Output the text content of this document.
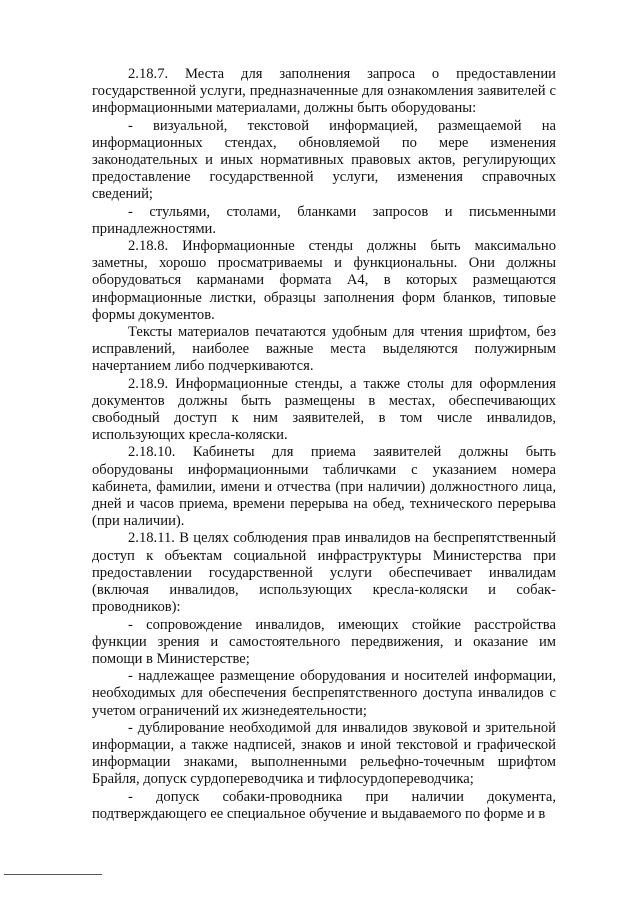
2.18.7. Места для заполнения запроса о предоставлении государственной услуги, предназначенные для ознакомления заявителей с информационными материалами, должны быть оборудованы:

- визуальной, текстовой информацией, размещаемой на информационных стендах, обновляемой по мере изменения законодательных и иных нормативных правовых актов, регулирующих предоставление государственной услуги, изменения справочных сведений;

- стульями, столами, бланками запросов и письменными принадлежностями.

2.18.8. Информационные стенды должны быть максимально заметны, хорошо просматриваемы и функциональны. Они должны оборудоваться карманами формата А4, в которых размещаются информационные листки, образцы заполнения форм бланков, типовые формы документов.

Тексты материалов печатаются удобным для чтения шрифтом, без исправлений, наиболее важные места выделяются полужирным начертанием либо подчеркиваются.

2.18.9. Информационные стенды, а также столы для оформления документов должны быть размещены в местах, обеспечивающих свободный доступ к ним заявителей, в том числе инвалидов, использующих кресла-коляски.

2.18.10. Кабинеты для приема заявителей должны быть оборудованы информационными табличками с указанием номера кабинета, фамилии, имени и отчества (при наличии) должностного лица, дней и часов приема, времени перерыва на обед, технического перерыва (при наличии).

2.18.11. В целях соблюдения прав инвалидов на беспрепятственный доступ к объектам социальной инфраструктуры Министерства при предоставлении государственной услуги обеспечивает инвалидам (включая инвалидов, использующих кресла-коляски и собак-проводников):

- сопровождение инвалидов, имеющих стойкие расстройства функции зрения и самостоятельного передвижения, и оказание им помощи в Министерстве;

- надлежащее размещение оборудования и носителей информации, необходимых для обеспечения беспрепятственного доступа инвалидов с учетом ограничений их жизнедеятельности;

- дублирование необходимой для инвалидов звуковой и зрительной информации, а также надписей, знаков и иной текстовой и графической информации знаками, выполненными рельефно-точечным шрифтом Брайля, допуск сурдопереводчика и тифлосурдопереводчика;

- допуск собаки-проводника при наличии документа, подтверждающего ее специальное обучение и выдаваемого по форме и в
